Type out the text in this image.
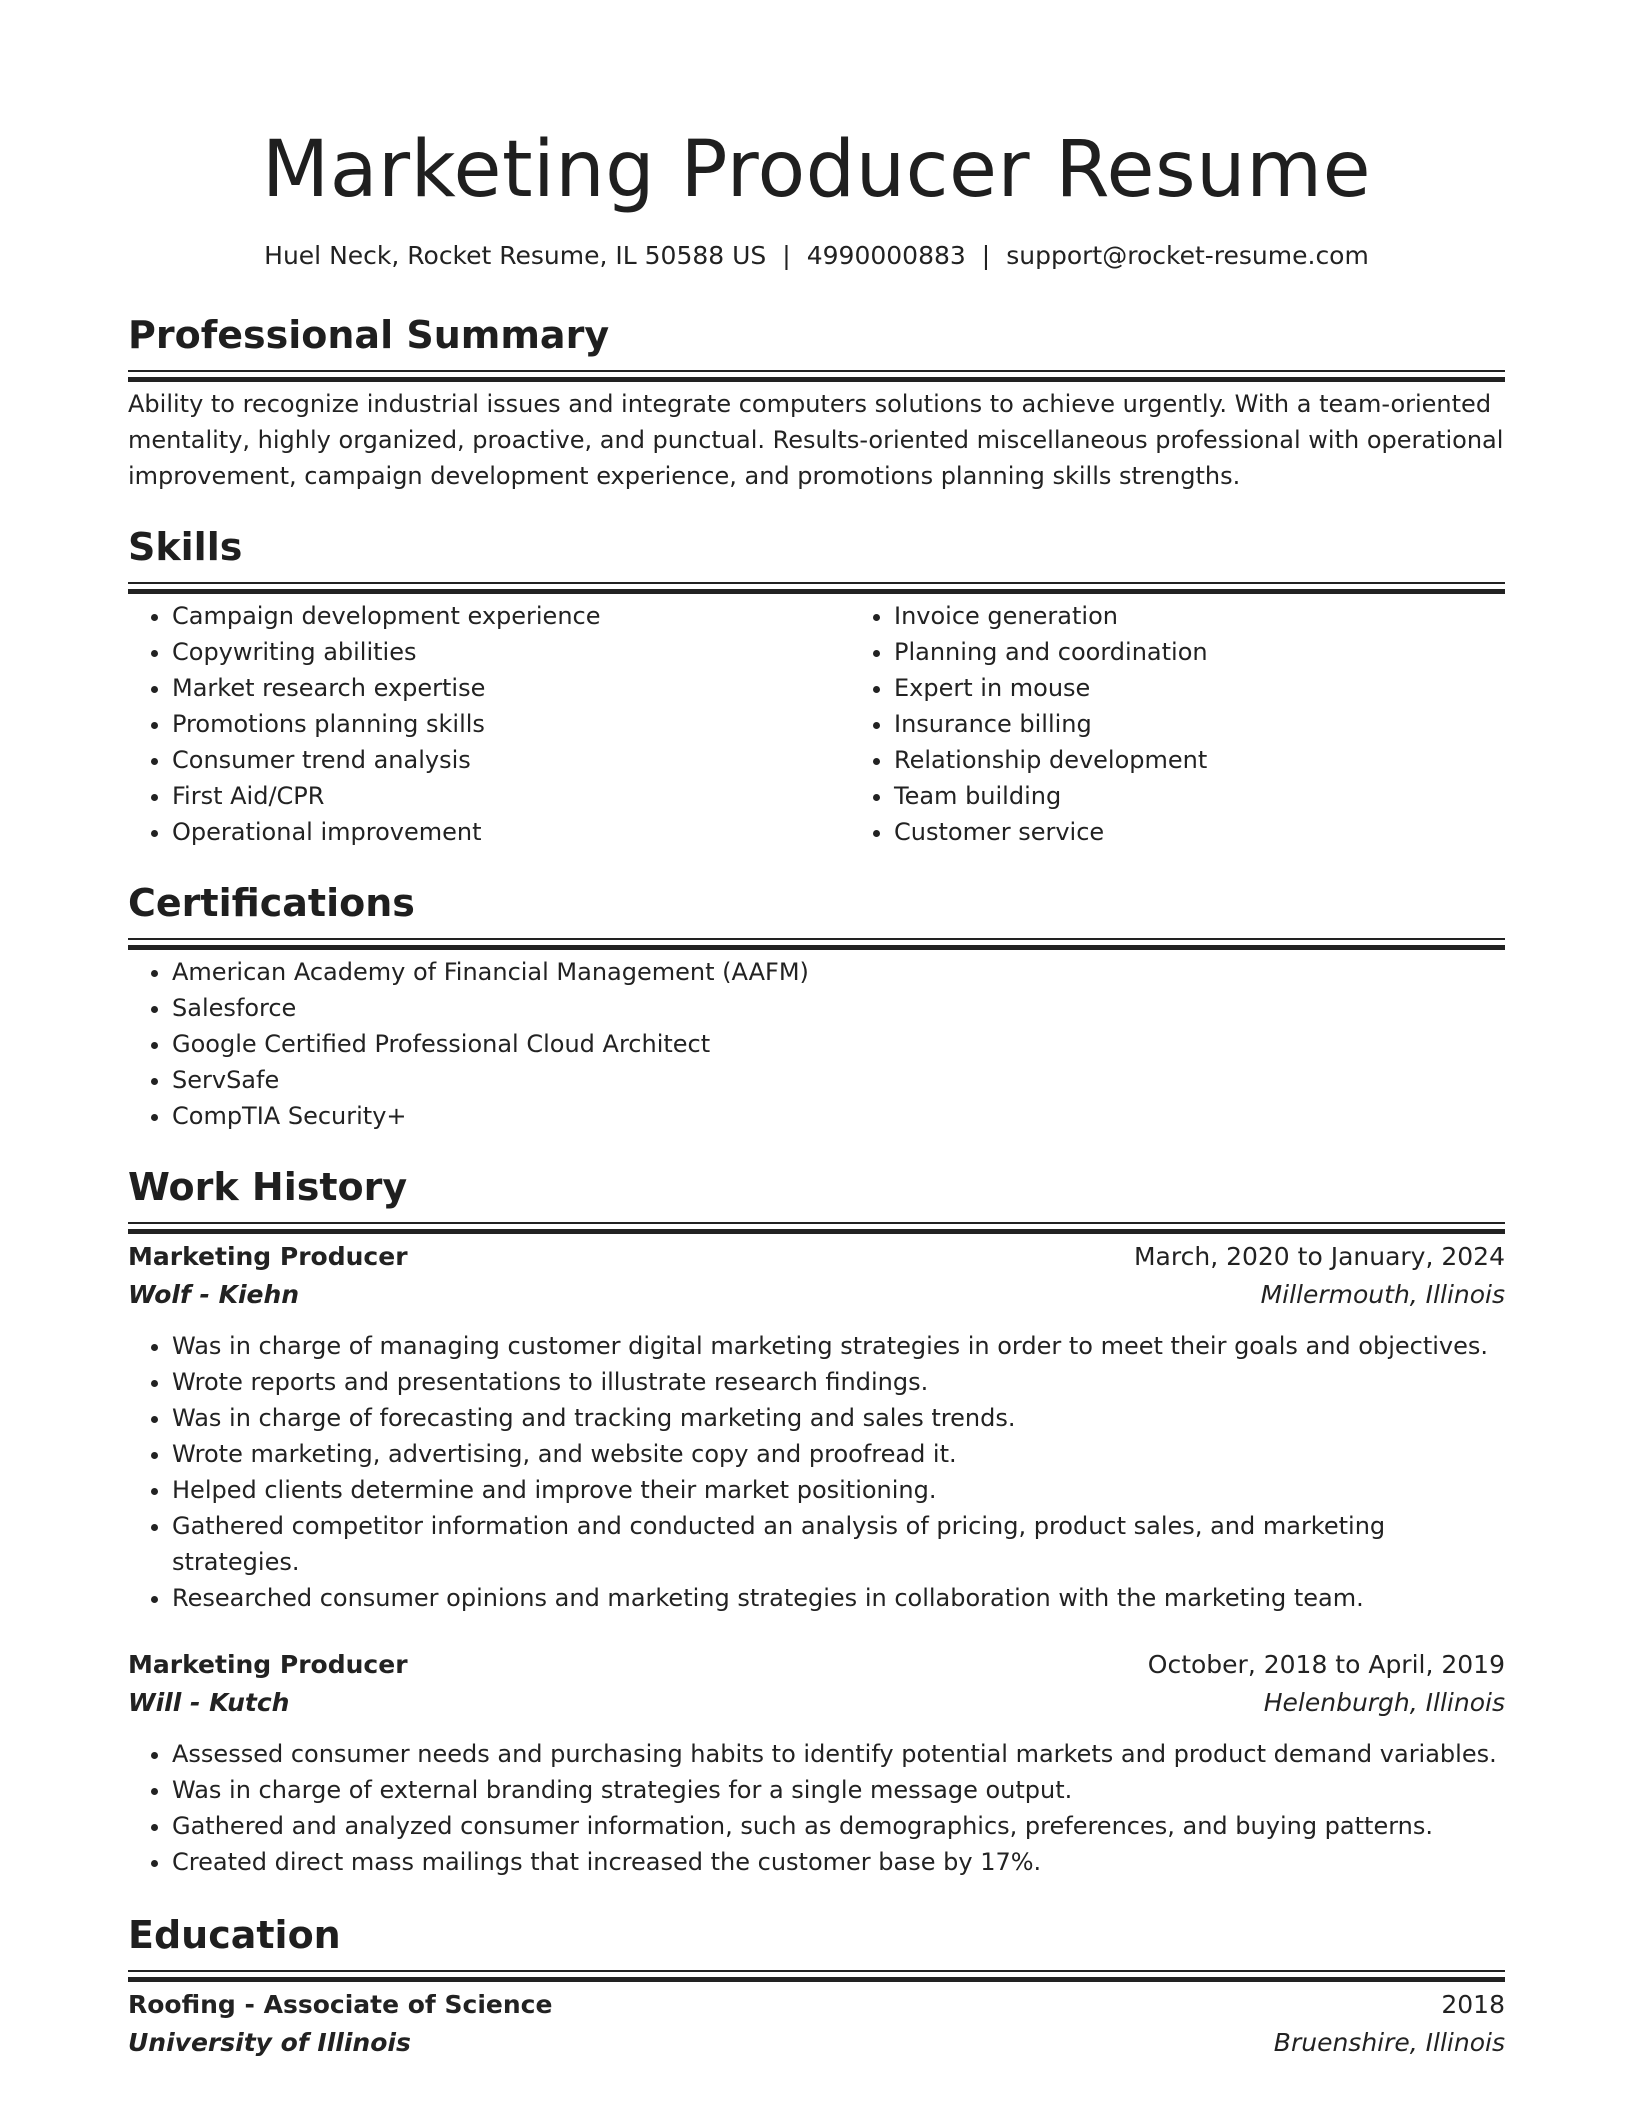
Marketing Producer Resume
Huel Neck, Rocket Resume, IL 50588 US | 4990000883 | support@rocket-resume.com
Professional Summary
Ability to recognize industrial issues and integrate computers solutions to achieve urgently. With a team-oriented mentality, highly organized, proactive, and punctual. Results-oriented miscellaneous professional with operational improvement, campaign development experience, and promotions planning skills strengths.
Skills
• Campaign development experience
• Copywriting abilities
• Market research expertise
• Promotions planning skills
• Consumer trend analysis
• First Aid/CPR
• Operational improvement
• Invoice generation
• Planning and coordination
• Expert in mouse
• Insurance billing
• Relationship development
• Team building
• Customer service
Certifications
• American Academy of Financial Management (AAFM)
• Salesforce
• Google Certified Professional Cloud Architect
• ServSafe
• CompTIA Security+
Work History
Marketing Producer	March, 2020 to January, 2024
Wolf - Kiehn	Millermouth, Illinois
• Was in charge of managing customer digital marketing strategies in order to meet their goals and objectives.
• Wrote reports and presentations to illustrate research findings.
• Was in charge of forecasting and tracking marketing and sales trends.
• Wrote marketing, advertising, and website copy and proofread it.
• Helped clients determine and improve their market positioning.
• Gathered competitor information and conducted an analysis of pricing, product sales, and marketing strategies.
• Researched consumer opinions and marketing strategies in collaboration with the marketing team.
Marketing Producer	October, 2018 to April, 2019
Will - Kutch	Helenburgh, Illinois
• Assessed consumer needs and purchasing habits to identify potential markets and product demand variables.
• Was in charge of external branding strategies for a single message output.
• Gathered and analyzed consumer information, such as demographics, preferences, and buying patterns.
• Created direct mass mailings that increased the customer base by 17%.
Education
Roofing - Associate of Science	2018
University of Illinois	Bruenshire, Illinois
